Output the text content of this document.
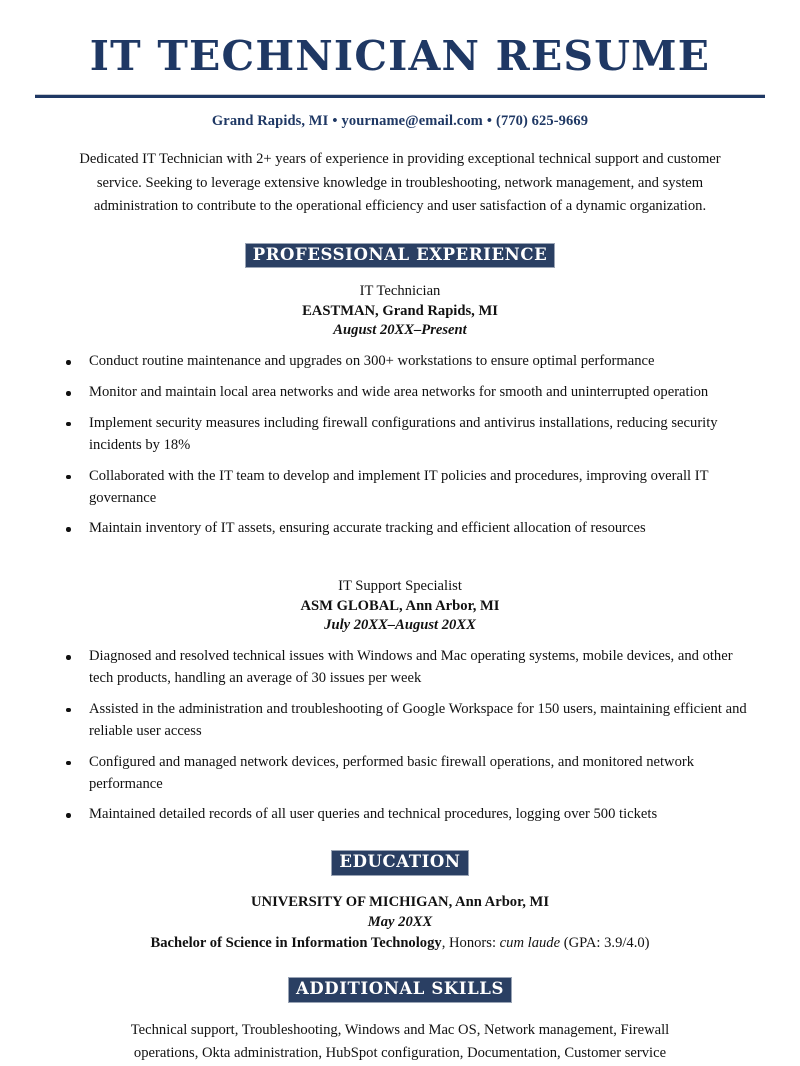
IT TECHNICIAN RESUME
Grand Rapids, MI • yourname@email.com • (770) 625-9669

Dedicated IT Technician with 2+ years of experience in providing exceptional technical support and customer service. Seeking to leverage extensive knowledge in troubleshooting, network management, and system administration to contribute to the operational efficiency and user satisfaction of a dynamic organization.

PROFESSIONAL EXPERIENCE
IT Technician
EASTMAN, Grand Rapids, MI
August 20XX–Present
Conduct routine maintenance and upgrades on 300+ workstations to ensure optimal performance
Monitor and maintain local area networks and wide area networks for smooth and uninterrupted operation
Implement security measures including firewall configurations and antivirus installations, reducing security incidents by 18%
Collaborated with the IT team to develop and implement IT policies and procedures, improving overall IT governance
Maintain inventory of IT assets, ensuring accurate tracking and efficient allocation of resources
IT Support Specialist
ASM GLOBAL, Ann Arbor, MI
July 20XX–August 20XX
Diagnosed and resolved technical issues with Windows and Mac operating systems, mobile devices, and other tech products, handling an average of 30 issues per week
Assisted in the administration and troubleshooting of Google Workspace for 150 users, maintaining efficient and reliable user access
Configured and managed network devices, performed basic firewall operations, and monitored network performance
Maintained detailed records of all user queries and technical procedures, logging over 500 tickets
EDUCATION
UNIVERSITY OF MICHIGAN, Ann Arbor, MI
May 20XX
Bachelor of Science in Information Technology, Honors: cum laude (GPA: 3.9/4.0)
ADDITIONAL SKILLS

Technical support, Troubleshooting, Windows and Mac OS, Network management, Firewall operations, Okta administration, HubSpot configuration, Documentation, Customer service
